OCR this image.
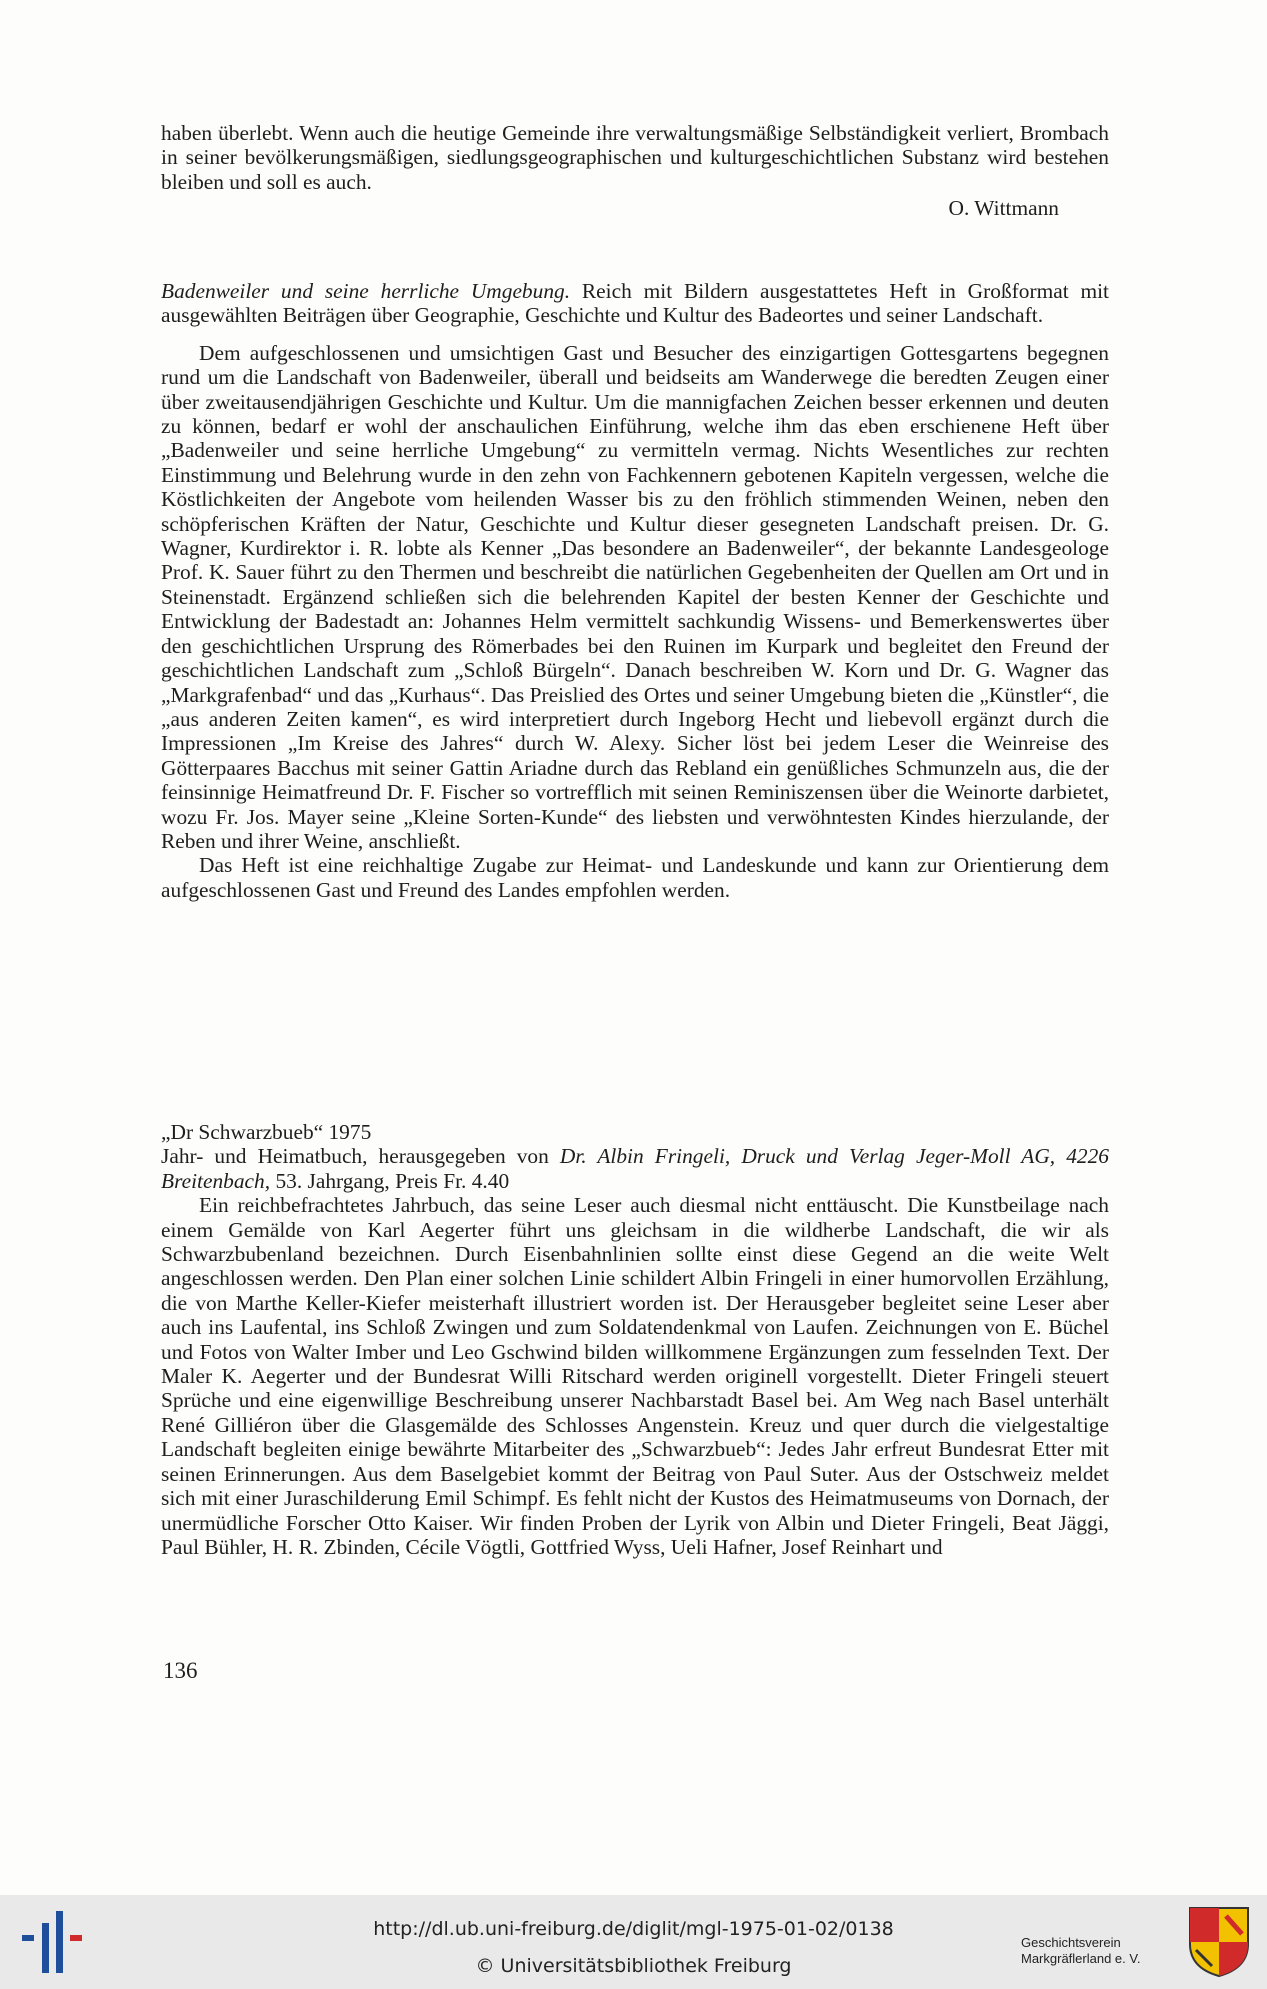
haben überlebt. Wenn auch die heutige Gemeinde ihre verwaltungsmäßige Selbständigkeit verliert, Brombach in seiner bevölkerungsmäßigen, siedlungsgeographischen und kulturgeschichtlichen Substanz wird bestehen bleiben und soll es auch.

O. Wittmann

Badenweiler und seine herrliche Umgebung. Reich mit Bildern ausgestattetes Heft in Großformat mit ausgewählten Beiträgen über Geographie, Geschichte und Kultur des Badeortes und seiner Landschaft.

Dem aufgeschlossenen und umsichtigen Gast und Besucher des einzigartigen Gottesgartens begegnen rund um die Landschaft von Badenweiler, überall und beidseits am Wanderwege die beredten Zeugen einer über zweitausendjährigen Geschichte und Kultur. Um die mannigfachen Zeichen besser erkennen und deuten zu können, bedarf er wohl der anschaulichen Einführung, welche ihm das eben erschienene Heft über „Badenweiler und seine herrliche Umgebung“ zu vermitteln vermag. Nichts Wesentliches zur rechten Einstimmung und Belehrung wurde in den zehn von Fachkennern gebotenen Kapiteln vergessen, welche die Köstlichkeiten der Angebote vom heilenden Wasser bis zu den fröhlich stimmenden Weinen, neben den schöpferischen Kräften der Natur, Geschichte und Kultur dieser gesegneten Landschaft preisen. Dr. G. Wagner, Kurdirektor i. R. lobte als Kenner „Das besondere an Badenweiler“, der bekannte Landesgeologe Prof. K. Sauer führt zu den Thermen und beschreibt die natürlichen Gegebenheiten der Quellen am Ort und in Steinenstadt. Ergänzend schließen sich die belehrenden Kapitel der besten Kenner der Geschichte und Entwicklung der Badestadt an: Johannes Helm vermittelt sachkundig Wissens- und Bemerkenswertes über den geschichtlichen Ursprung des Römerbades bei den Ruinen im Kurpark und begleitet den Freund der geschichtlichen Landschaft zum „Schloß Bürgeln“. Danach beschreiben W. Korn und Dr. G. Wagner das „Markgrafenbad“ und das „Kurhaus“. Das Preislied des Ortes und seiner Umgebung bieten die „Künstler“, die „aus anderen Zeiten kamen“, es wird interpretiert durch Ingeborg Hecht und liebevoll ergänzt durch die Impressionen „Im Kreise des Jahres“ durch W. Alexy. Sicher löst bei jedem Leser die Weinreise des Götterpaares Bacchus mit seiner Gattin Ariadne durch das Rebland ein genüßliches Schmunzeln aus, die der feinsinnige Heimatfreund Dr. F. Fischer so vortrefflich mit seinen Reminiszensen über die Weinorte darbietet, wozu Fr. Jos. Mayer seine „Kleine Sorten-Kunde“ des liebsten und verwöhntesten Kindes hierzulande, der Reben und ihrer Weine, anschließt.

Das Heft ist eine reichhaltige Zugabe zur Heimat- und Landeskunde und kann zur Orientierung dem aufgeschlossenen Gast und Freund des Landes empfohlen werden.

„Dr Schwarzbueb“ 1975

Jahr- und Heimatbuch, herausgegeben von Dr. Albin Fringeli, Druck und Verlag Jeger-Moll AG, 4226 Breitenbach, 53. Jahrgang, Preis Fr. 4.40

Ein reichbefrachtetes Jahrbuch, das seine Leser auch diesmal nicht enttäuscht. Die Kunstbeilage nach einem Gemälde von Karl Aegerter führt uns gleichsam in die wildherbe Landschaft, die wir als Schwarzbubenland bezeichnen. Durch Eisenbahnlinien sollte einst diese Gegend an die weite Welt angeschlossen werden. Den Plan einer solchen Linie schildert Albin Fringeli in einer humorvollen Erzählung, die von Marthe Keller-Kiefer meisterhaft illustriert worden ist. Der Herausgeber begleitet seine Leser aber auch ins Laufental, ins Schloß Zwingen und zum Soldatendenkmal von Laufen. Zeichnungen von E. Büchel und Fotos von Walter Imber und Leo Gschwind bilden willkommene Ergänzungen zum fesselnden Text. Der Maler K. Aegerter und der Bundesrat Willi Ritschard werden originell vorgestellt. Dieter Fringeli steuert Sprüche und eine eigenwillige Beschreibung unserer Nachbarstadt Basel bei. Am Weg nach Basel unterhält René Gilliéron über die Glasgemälde des Schlosses Angenstein. Kreuz und quer durch die vielgestaltige Landschaft begleiten einige bewährte Mitarbeiter des „Schwarzbueb“: Jedes Jahr erfreut Bundesrat Etter mit seinen Erinnerungen. Aus dem Baselgebiet kommt der Beitrag von Paul Suter. Aus der Ostschweiz meldet sich mit einer Juraschilderung Emil Schimpf. Es fehlt nicht der Kustos des Heimatmuseums von Dornach, der unermüdliche Forscher Otto Kaiser. Wir finden Proben der Lyrik von Albin und Dieter Fringeli, Beat Jäggi, Paul Bühler, H. R. Zbinden, Cécile Vögtli, Gottfried Wyss, Ueli Hafner, Josef Reinhart und

136
http://dl.ub.uni-freiburg.de/diglit/mgl-1975-01-02/0138
© Universitätsbibliothek Freiburg
Geschichtsverein
Markgräflerland e. V.
